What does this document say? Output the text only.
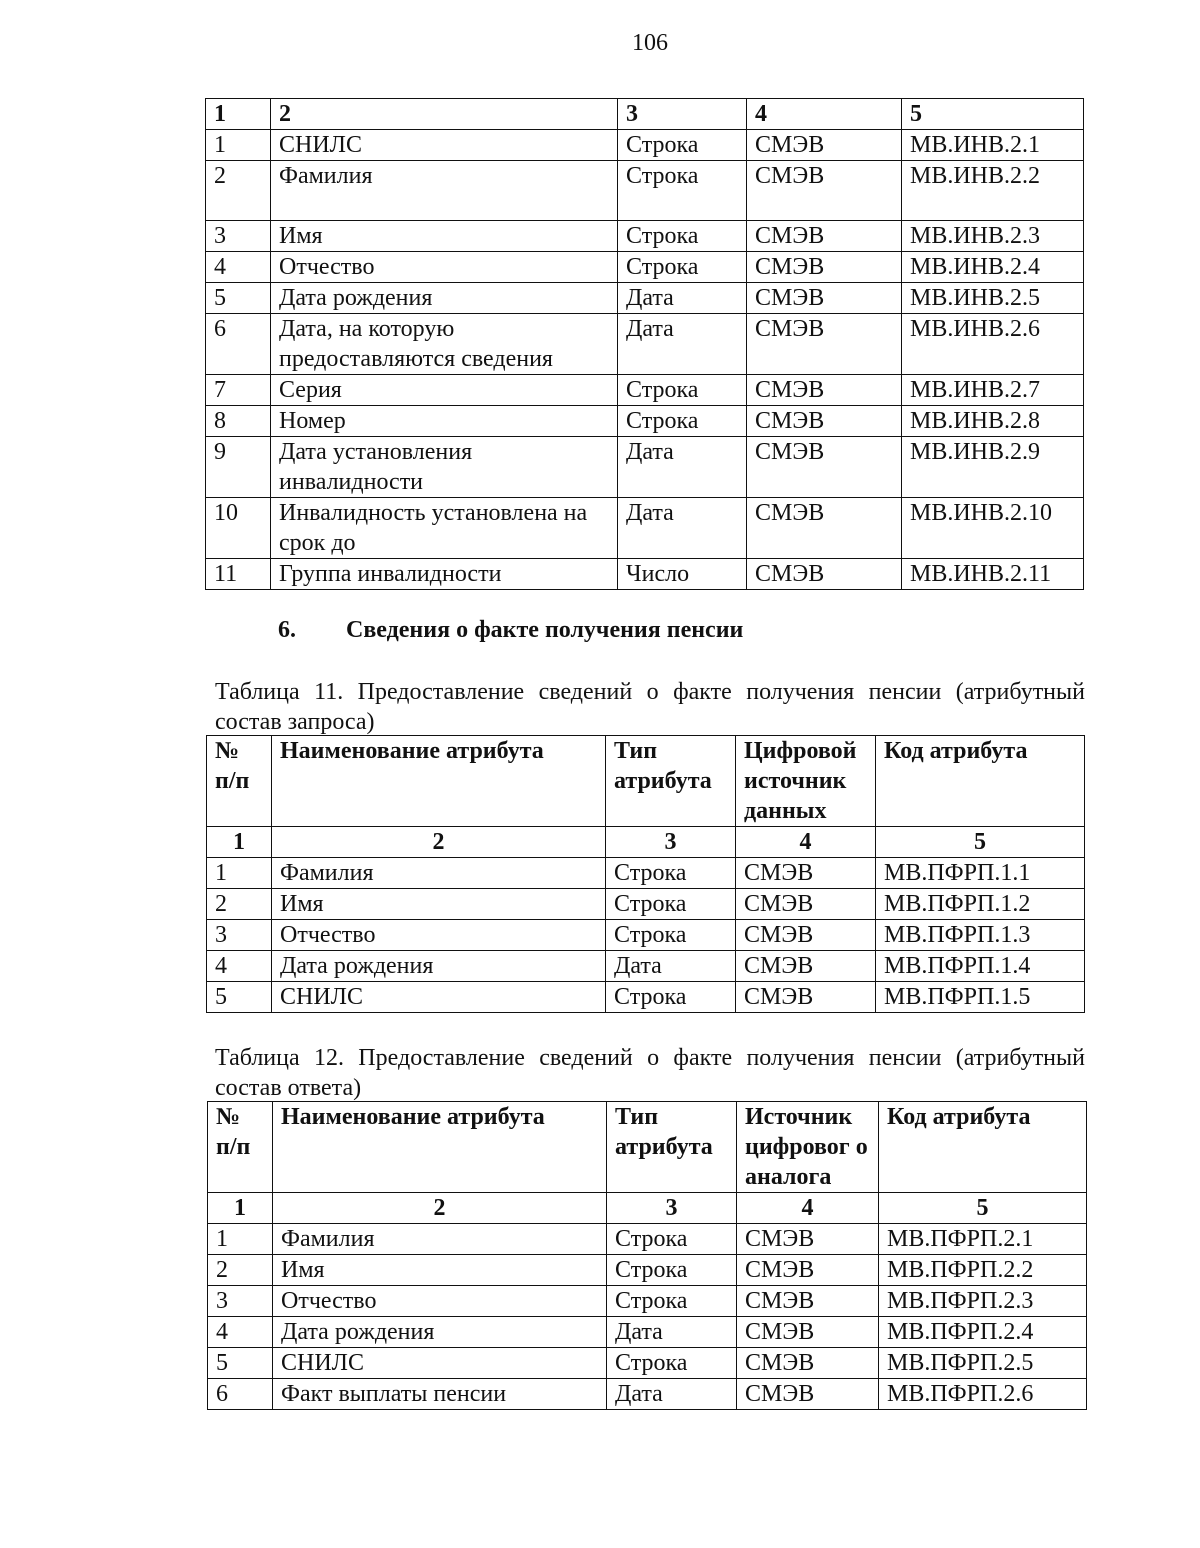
106
1	2	3	4	5
1	СНИЛС	Строка	СМЭВ	МВ.ИНВ.2.1
2	Фамилия	Строка	СМЭВ	МВ.ИНВ.2.2
3	Имя	Строка	СМЭВ	МВ.ИНВ.2.3
4	Отчество	Строка	СМЭВ	МВ.ИНВ.2.4
5	Дата рождения	Дата	СМЭВ	МВ.ИНВ.2.5
6	Дата, на которую предоставляются сведения	Дата	СМЭВ	МВ.ИНВ.2.6
7	Серия	Строка	СМЭВ	МВ.ИНВ.2.7
8	Номер	Строка	СМЭВ	МВ.ИНВ.2.8
9	Дата установления инвалидности	Дата	СМЭВ	МВ.ИНВ.2.9
10	Инвалидность установлена на срок до	Дата	СМЭВ	МВ.ИНВ.2.10
11	Группа инвалидности	Число	СМЭВ	МВ.ИНВ.2.11
6. Сведения о факте получения пенсии
Таблица 11. Предоставление сведений о факте получения пенсии (атрибутный состав запроса)
№ п/п	Наименование атрибута	Тип атрибута	Цифровой источник данных	Код атрибута
1	2	3	4	5
1	Фамилия	Строка	СМЭВ	МВ.ПФРП.1.1
2	Имя	Строка	СМЭВ	МВ.ПФРП.1.2
3	Отчество	Строка	СМЭВ	МВ.ПФРП.1.3
4	Дата рождения	Дата	СМЭВ	МВ.ПФРП.1.4
5	СНИЛС	Строка	СМЭВ	МВ.ПФРП.1.5
Таблица 12. Предоставление сведений о факте получения пенсии (атрибутный состав ответа)
№ п/п	Наименование атрибута	Тип атрибута	Источник цифровог о аналога	Код атрибута
1	2	3	4	5
1	Фамилия	Строка	СМЭВ	МВ.ПФРП.2.1
2	Имя	Строка	СМЭВ	МВ.ПФРП.2.2
3	Отчество	Строка	СМЭВ	МВ.ПФРП.2.3
4	Дата рождения	Дата	СМЭВ	МВ.ПФРП.2.4
5	СНИЛС	Строка	СМЭВ	МВ.ПФРП.2.5
6	Факт выплаты пенсии	Дата	СМЭВ	МВ.ПФРП.2.6
